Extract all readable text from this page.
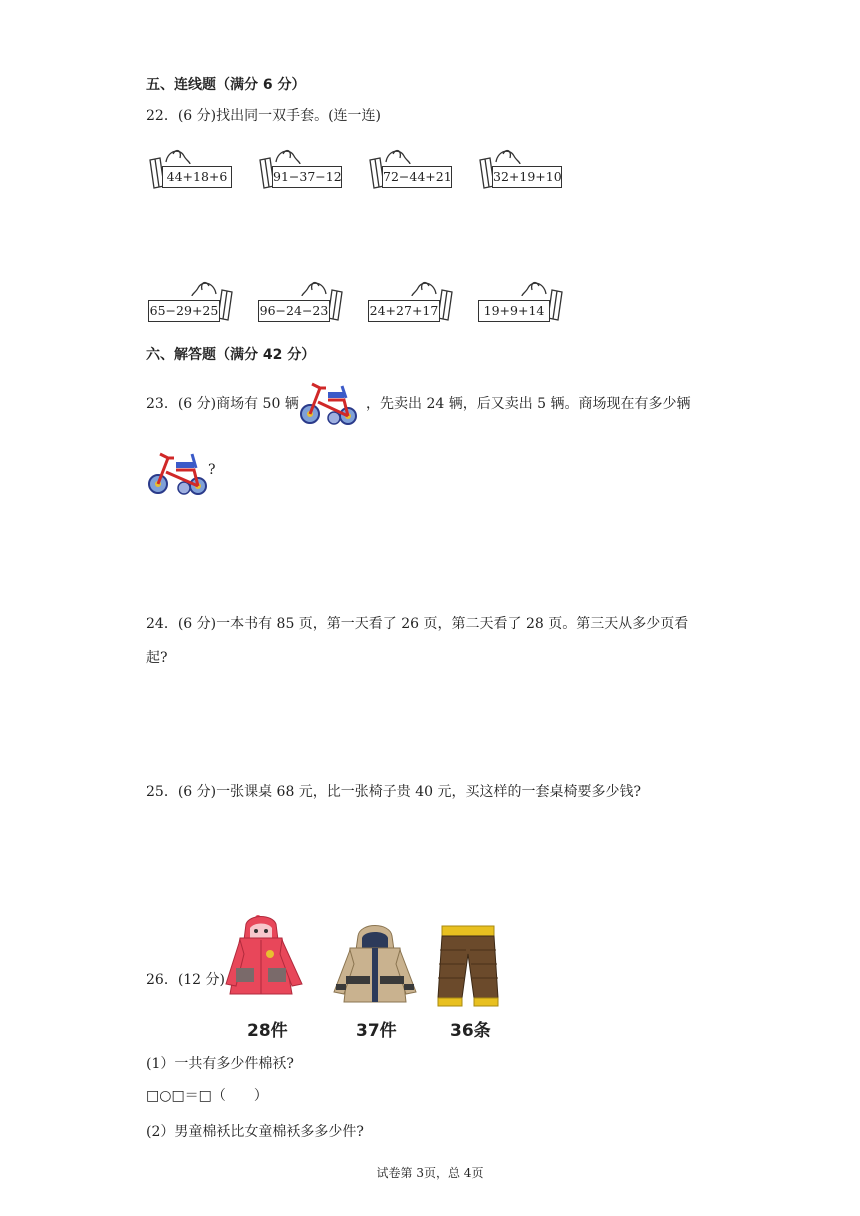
五、连线题（满分 6 分）
22．(6 分)找出同一双手套。(连一连)
44+18+6	91−37−12	72−44+21	32+19+10
65−29+25	96−24−23	24+27+17	19+9+14
六、解答题（满分 42 分）
23．(6 分)商场有 50 辆	，先卖出 24 辆，后又卖出 5 辆。商场现在有多少辆
?
24．(6 分)一本书有 85 页，第一天看了 26 页，第二天看了 28 页。第三天从多少页看
起?
25．(6 分)一张课桌 68 元，比一张椅子贵 40 元，买这样的一套桌椅要多少钱?
26．(12 分)
28件	37件	36条
(1）一共有多少件棉袄?
□○□＝□（　　）
(2）男童棉袄比女童棉袄多多少件?
试卷第 3页，总 4页
